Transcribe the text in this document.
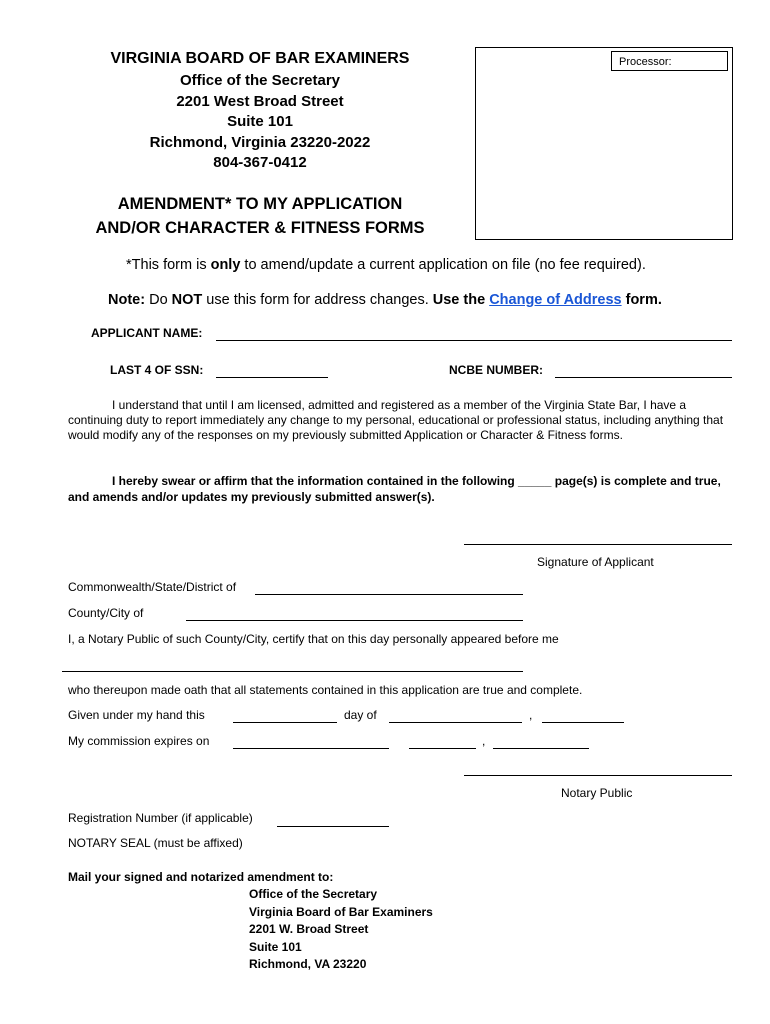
VIRGINIA BOARD OF BAR EXAMINERS
Office of the Secretary
2201 West Broad Street
Suite 101
Richmond, Virginia 23220-2022
804-367-0412
Processor:
AMENDMENT* TO MY APPLICATION
AND/OR CHARACTER & FITNESS FORMS
*This form is only to amend/update a current application on file (no fee required).
Note: Do NOT use this form for address changes. Use the Change of Address form.
APPLICANT NAME:
LAST 4 OF SSN:	NCBE NUMBER:
I understand that until I am licensed, admitted and registered as a member of the Virginia State Bar, I have a continuing duty to report immediately any change to my personal, educational or professional status, including anything that would modify any of the responses on my previously submitted Application or Character & Fitness forms.
I hereby swear or affirm that the information contained in the following _____ page(s) is complete and true, and amends and/or updates my previously submitted answer(s).
Signature of Applicant
Commonwealth/State/District of
County/City of
I, a Notary Public of such County/City, certify that on this day personally appeared before me
who thereupon made oath that all statements contained in this application are true and complete.
Given under my hand this	day of	,
My commission expires on	,
Notary Public
Registration Number (if applicable)
NOTARY SEAL (must be affixed)
Mail your signed and notarized amendment to:
Office of the Secretary
Virginia Board of Bar Examiners
2201 W. Broad Street
Suite 101
Richmond, VA 23220
